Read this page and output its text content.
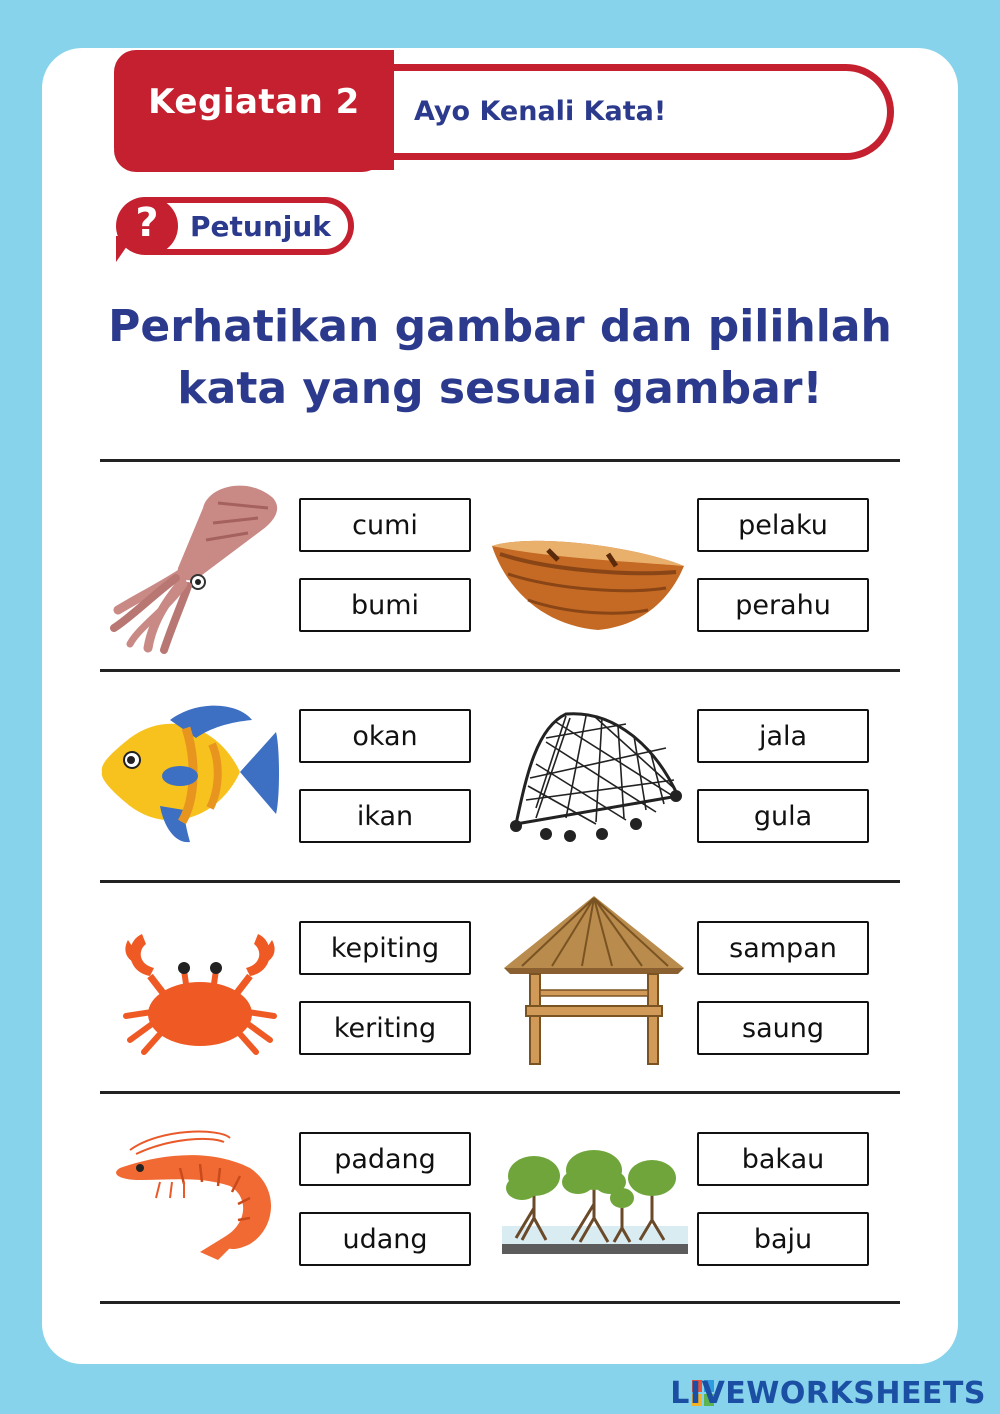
Kegiatan 2	Ayo Kenali Kata!
?	Petunjuk
Perhatikan gambar dan pilihlah
kata yang sesuai gambar!
cumi
bumi
pelaku
perahu
okan
ikan
jala
gula
kepiting
keriting
sampan
saung
padang
udang
bakau
baju
LIVEWORKSHEETS
